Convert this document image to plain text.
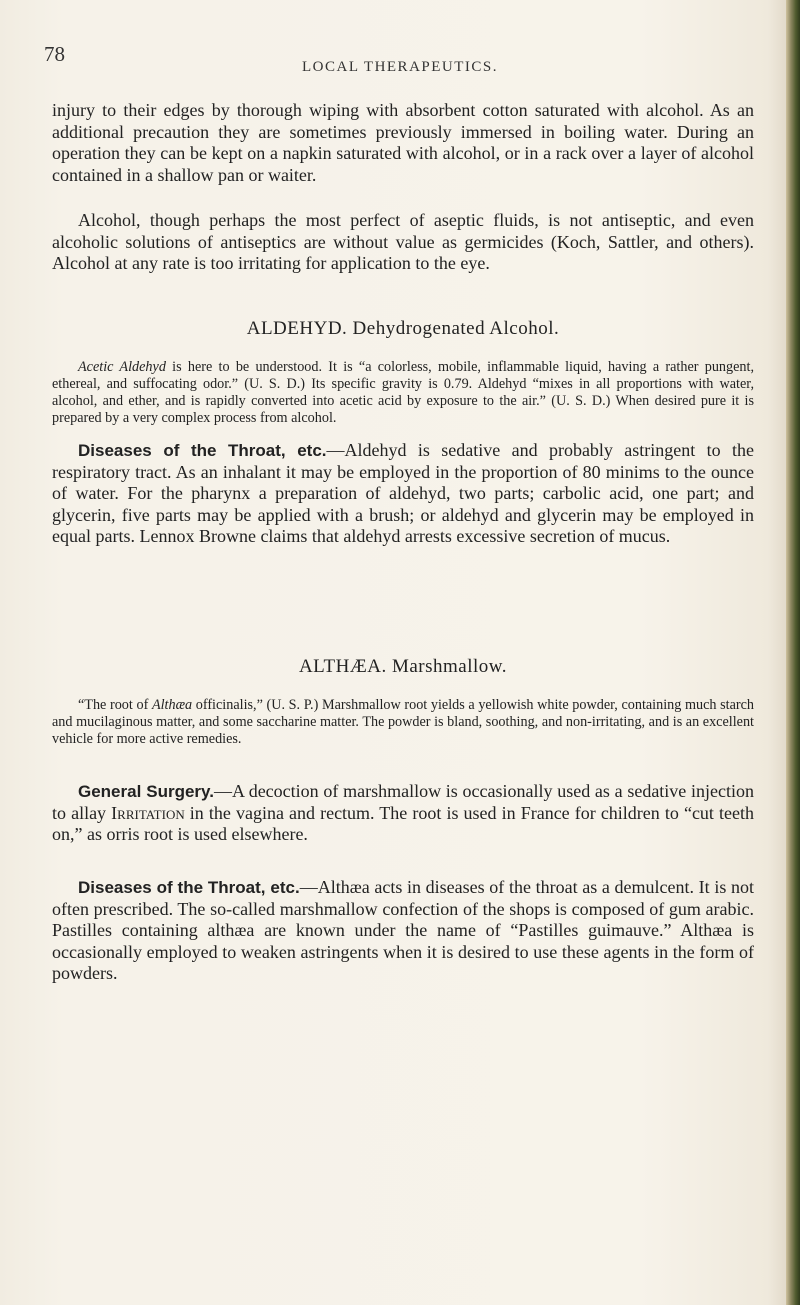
78
LOCAL THERAPEUTICS.

injury to their edges by thorough wiping with absorbent cotton saturated with alcohol. As an additional precaution they are sometimes previously immersed in boiling water. During an operation they can be kept on a napkin saturated with alcohol, or in a rack over a layer of alcohol contained in a shallow pan or waiter.

Alcohol, though perhaps the most perfect of aseptic fluids, is not antiseptic, and even alcoholic solutions of antiseptics are without value as germicides (Koch, Sattler, and others). Alcohol at any rate is too irritating for application to the eye.

ALDEHYD. Dehydrogenated Alcohol.

Acetic Aldehyd is here to be understood. It is “a colorless, mobile, inflammable liquid, having a rather pungent, ethereal, and suffocating odor.” (U. S. D.) Its specific gravity is 0.79. Aldehyd “mixes in all proportions with water, alcohol, and ether, and is rapidly converted into acetic acid by exposure to the air.” (U. S. D.) When desired pure it is prepared by a very complex process from alcohol.

Diseases of the Throat, etc.—Aldehyd is sedative and probably astringent to the respiratory tract. As an inhalant it may be employed in the proportion of 80 minims to the ounce of water. For the pharynx a preparation of aldehyd, two parts; carbolic acid, one part; and glycerin, five parts may be applied with a brush; or aldehyd and glycerin may be employed in equal parts. Lennox Browne claims that aldehyd arrests excessive secretion of mucus.

ALTHÆA. Marshmallow.

“The root of Althæa officinalis,” (U. S. P.) Marshmallow root yields a yellowish white powder, containing much starch and mucilaginous matter, and some saccharine matter. The powder is bland, soothing, and non-irritating, and is an excellent vehicle for more active remedies.

General Surgery.—A decoction of marshmallow is occasionally used as a sedative injection to allay Irritation in the vagina and rectum. The root is used in France for children to “cut teeth on,” as orris root is used elsewhere.

Diseases of the Throat, etc.—Althæa acts in diseases of the throat as a demulcent. It is not often prescribed. The so-called marshmallow confection of the shops is composed of gum arabic. Pastilles containing althæa are known under the name of “Pastilles guimauve.” Althæa is occasionally employed to weaken astringents when it is desired to use these agents in the form of powders.
